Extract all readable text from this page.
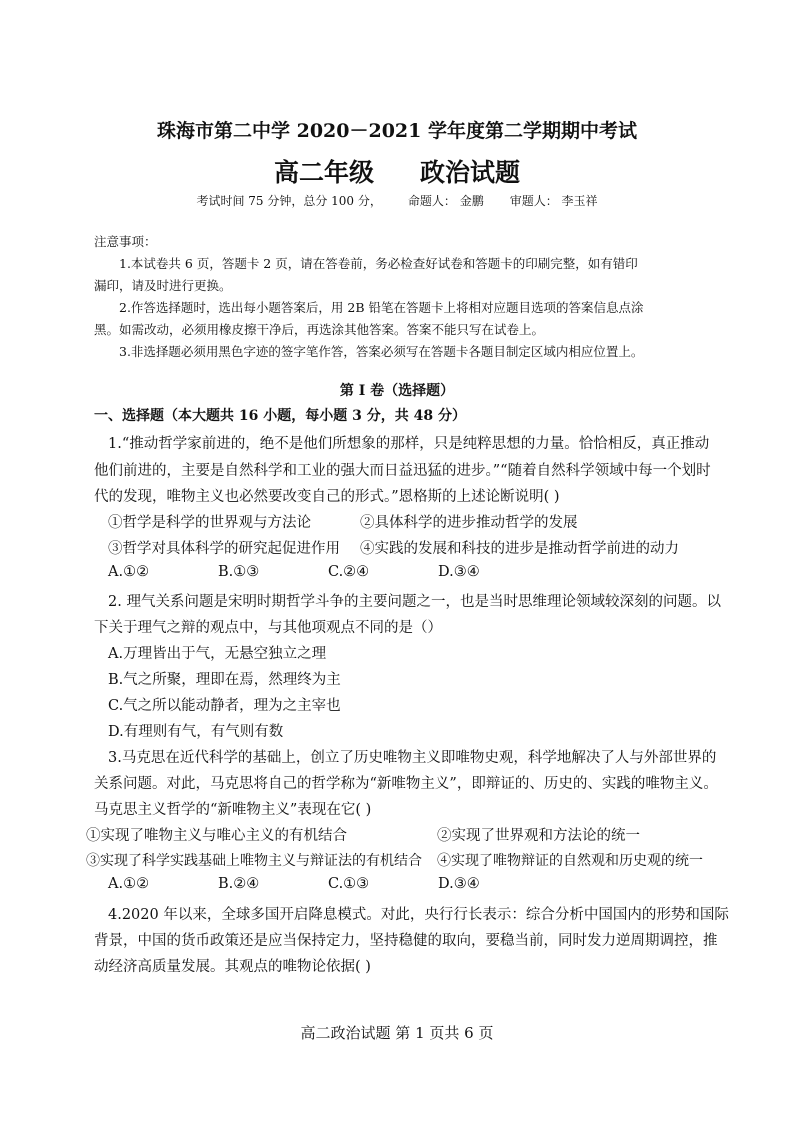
珠海市第二中学 2020－2021 学年度第二学期期中考试
高二年级 政治试题
考试时间 75 分钟，总分 100 分， 命题人： 金鹏 审题人： 李玉祥
注意事项：
1.本试卷共 6 页，答题卡 2 页，请在答卷前，务必检查好试卷和答题卡的印刷完整，如有错印
漏印，请及时进行更换。
2.作答选择题时，选出每小题答案后，用 2B 铅笔在答题卡上将相对应题目选项的答案信息点涂
黑。如需改动，必须用橡皮擦干净后，再选涂其他答案。答案不能只写在试卷上。
3.非选择题必须用黑色字迹的签字笔作答，答案必须写在答题卡各题目制定区域内相应位置上。
第 I 卷（选择题）
一、选择题（本大题共 16 小题，每小题 3 分，共 48 分）
1.“推动哲学家前进的，绝不是他们所想象的那样，只是纯粹思想的力量。恰恰相反，真正推动
他们前进的，主要是自然科学和工业的强大而日益迅猛的进步。”“随着自然科学领域中每一个划时
代的发现，唯物主义也必然要改变自己的形式。”恩格斯的上述论断说明( )
①哲学是科学的世界观与方法论	②具体科学的进步推动哲学的发展
③哲学对具体科学的研究起促进作用 ④实践的发展和科技的进步是推动哲学前进的动力
A.①②	B.①③	C.②④	D.③④
2. 理气关系问题是宋明时期哲学斗争的主要问题之一，也是当时思维理论领域较深刻的问题。以
下关于理气之辩的观点中，与其他项观点不同的是（）
A.万理皆出于气，无悬空独立之理
B.气之所聚，理即在焉，然理终为主
C.气之所以能动静者，理为之主宰也
D.有理则有气，有气则有数
3.马克思在近代科学的基础上，创立了历史唯物主义即唯物史观，科学地解决了人与外部世界的
关系问题。对此，马克思将自己的哲学称为“新唯物主义”，即辩证的、历史的、实践的唯物主义。
马克思主义哲学的“新唯物主义”表现在它( )
①实现了唯物主义与唯心主义的有机结合	②实现了世界观和方法论的统一
③实现了科学实践基础上唯物主义与辩证法的有机结合 ④实现了唯物辩证的自然观和历史观的统一
A.①②	B.②④	C.①③	D.③④
4.2020 年以来，全球多国开启降息模式。对此，央行行长表示：综合分析中国国内的形势和国际
背景，中国的货币政策还是应当保持定力，坚持稳健的取向，要稳当前，同时发力逆周期调控，推
动经济高质量发展。其观点的唯物论依据( )
高二政治试题 第 1 页共 6 页
